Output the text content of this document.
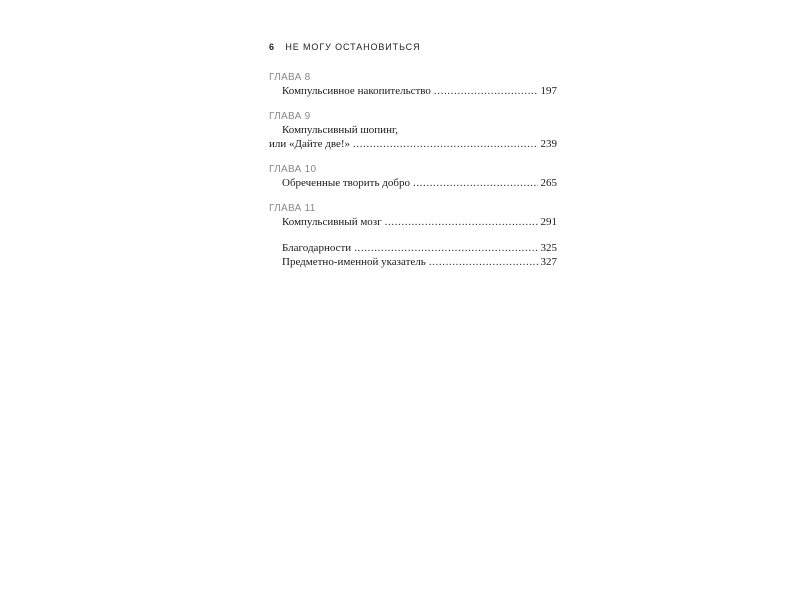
6 НЕ МОГУ ОСТАНОВИТЬСЯ
ГЛАВА 8
Компульсивное накопительство .....	197
ГЛАВА 9
Компульсивный шопинг,
или «Дайте две!» .....	239
ГЛАВА 10
Обреченные творить добро .....	265
ГЛАВА 11
Компульсивный мозг .....	291
Благодарности .....	325
Предметно-именной указатель .....	327
